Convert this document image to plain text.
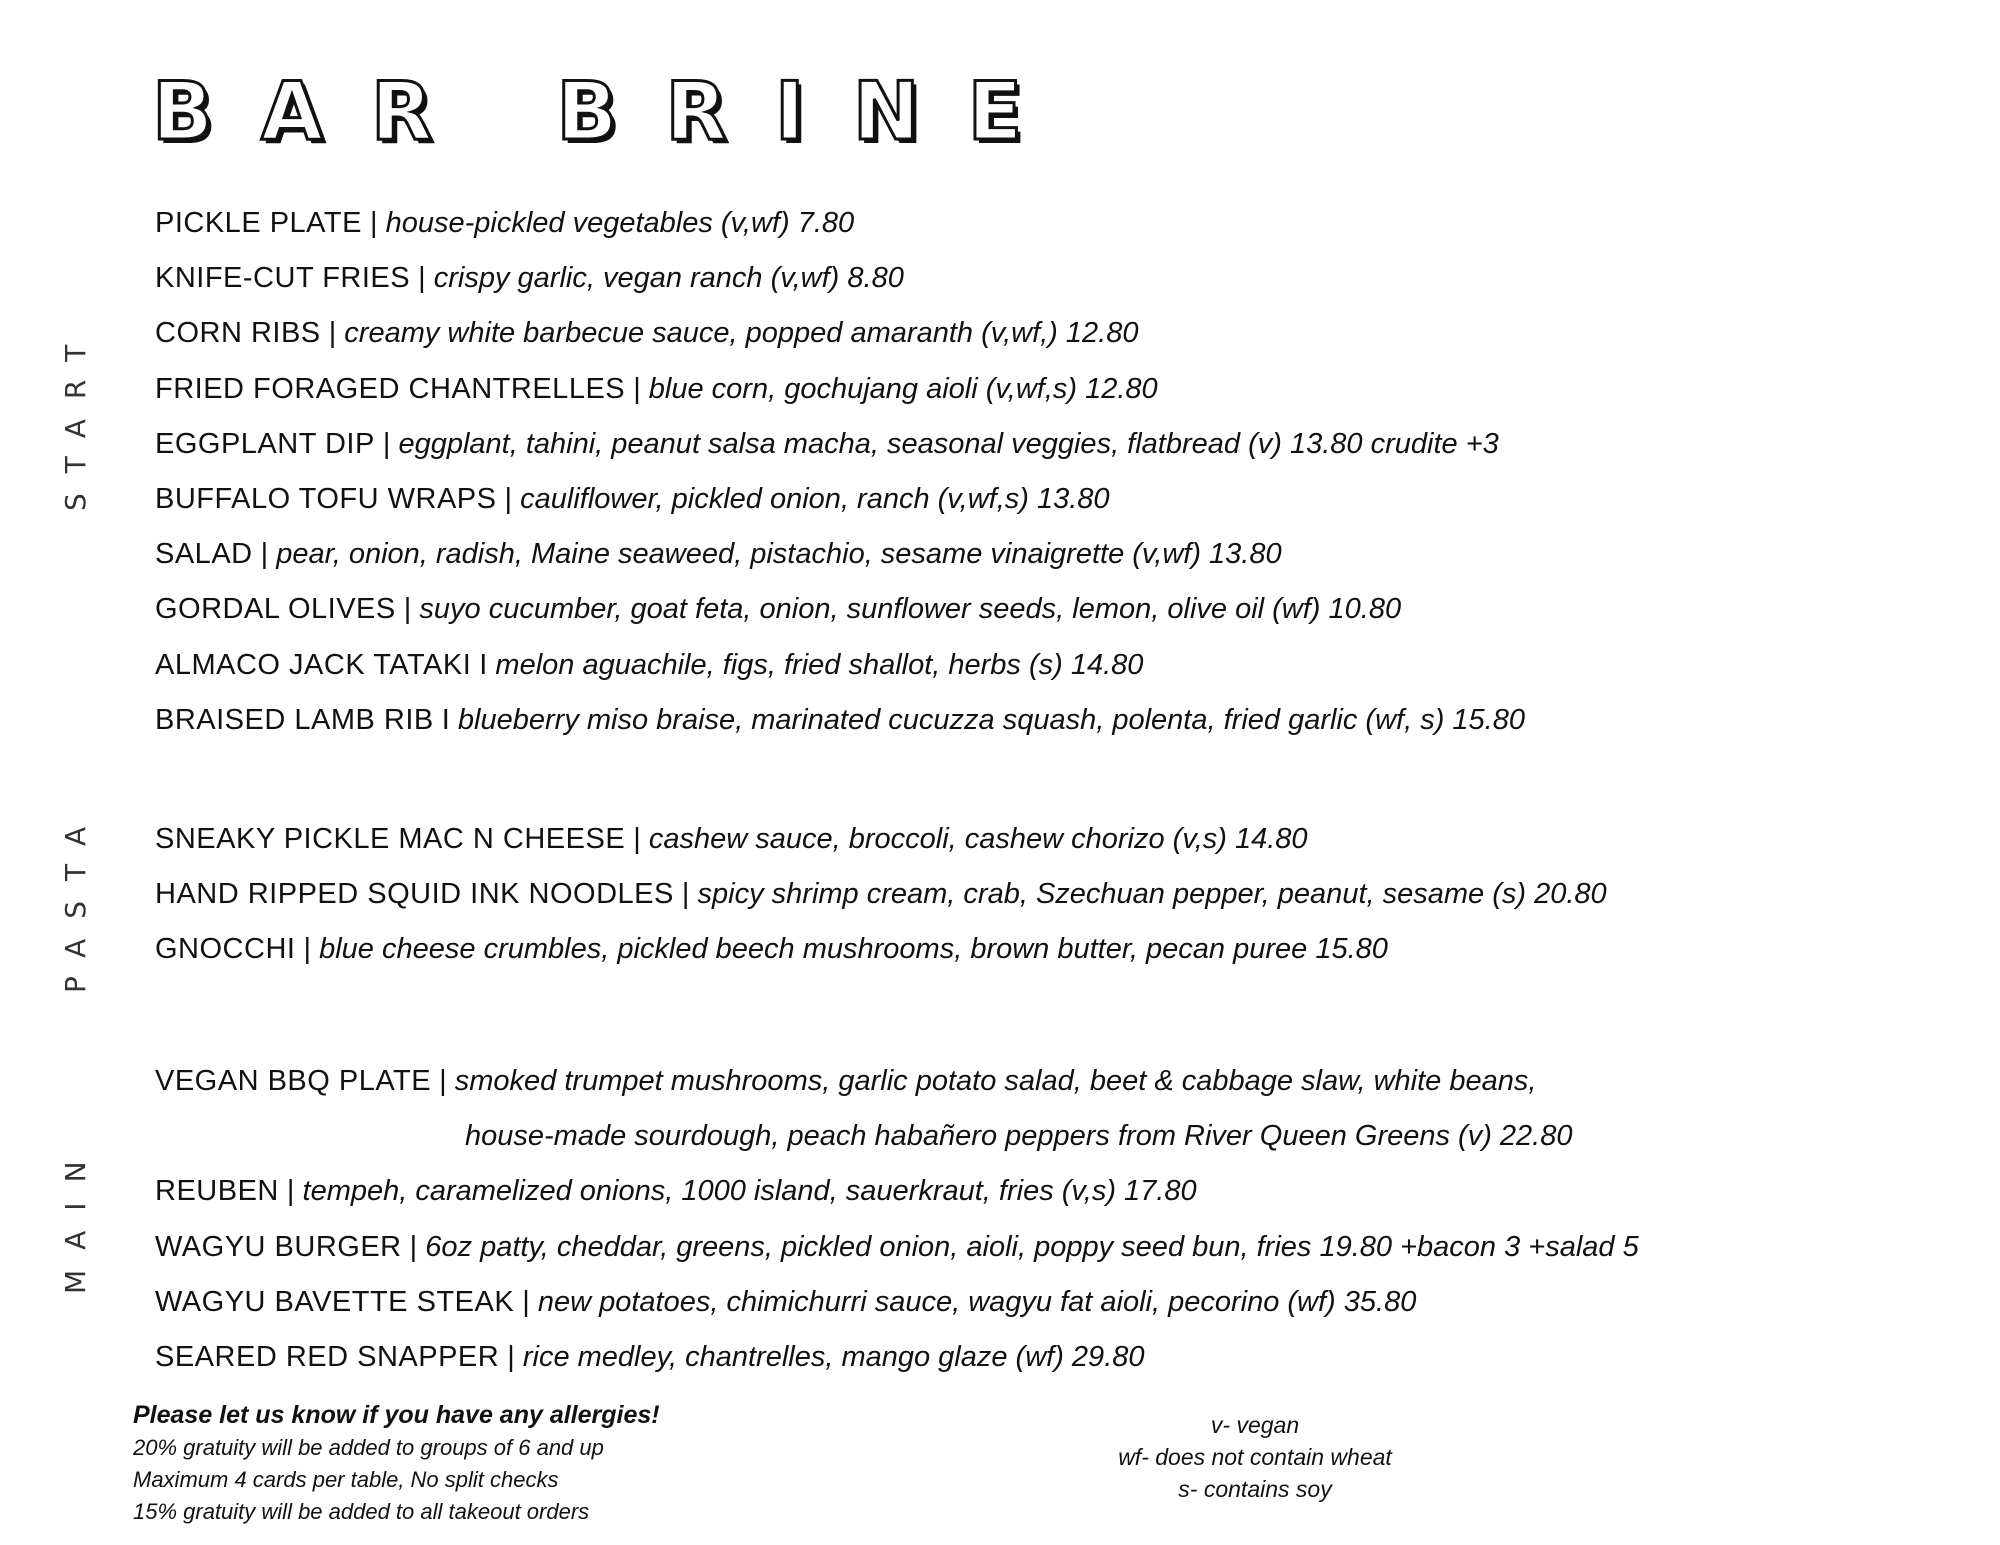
BAR BRINE
START
PASTA
MAIN
PICKLE PLATE | house-pickled vegetables (v,wf) 7.80
KNIFE-CUT FRIES | crispy garlic, vegan ranch (v,wf) 8.80
CORN RIBS | creamy white barbecue sauce, popped amaranth (v,wf,) 12.80
FRIED FORAGED CHANTRELLES | blue corn, gochujang aioli (v,wf,s) 12.80
EGGPLANT DIP | eggplant, tahini, peanut salsa macha, seasonal veggies, flatbread (v) 13.80 crudite +3
BUFFALO TOFU WRAPS | cauliflower, pickled onion, ranch (v,wf,s) 13.80
SALAD | pear, onion, radish, Maine seaweed, pistachio, sesame vinaigrette (v,wf) 13.80
GORDAL OLIVES | suyo cucumber, goat feta, onion, sunflower seeds, lemon, olive oil (wf) 10.80
ALMACO JACK TATAKI I melon aguachile, figs, fried shallot, herbs (s) 14.80
BRAISED LAMB RIB I blueberry miso braise, marinated cucuzza squash, polenta, fried garlic (wf, s) 15.80
SNEAKY PICKLE MAC N CHEESE | cashew sauce, broccoli, cashew chorizo (v,s) 14.80
HAND RIPPED SQUID INK NOODLES | spicy shrimp cream, crab, Szechuan pepper, peanut, sesame (s) 20.80
GNOCCHI | blue cheese crumbles, pickled beech mushrooms, brown butter, pecan puree 15.80
VEGAN BBQ PLATE | smoked trumpet mushrooms, garlic potato salad, beet & cabbage slaw, white beans,
house-made sourdough, peach habañero peppers from River Queen Greens (v) 22.80
REUBEN | tempeh, caramelized onions, 1000 island, sauerkraut, fries (v,s) 17.80
WAGYU BURGER | 6oz patty, cheddar, greens, pickled onion, aioli, poppy seed bun, fries 19.80 +bacon 3 +salad 5
WAGYU BAVETTE STEAK | new potatoes, chimichurri sauce, wagyu fat aioli, pecorino (wf) 35.80
SEARED RED SNAPPER | rice medley, chantrelles, mango glaze (wf) 29.80
Please let us know if you have any allergies!
20% gratuity will be added to groups of 6 and up
Maximum 4 cards per table, No split checks
15% gratuity will be added to all takeout orders
v- vegan
wf- does not contain wheat
s- contains soy
